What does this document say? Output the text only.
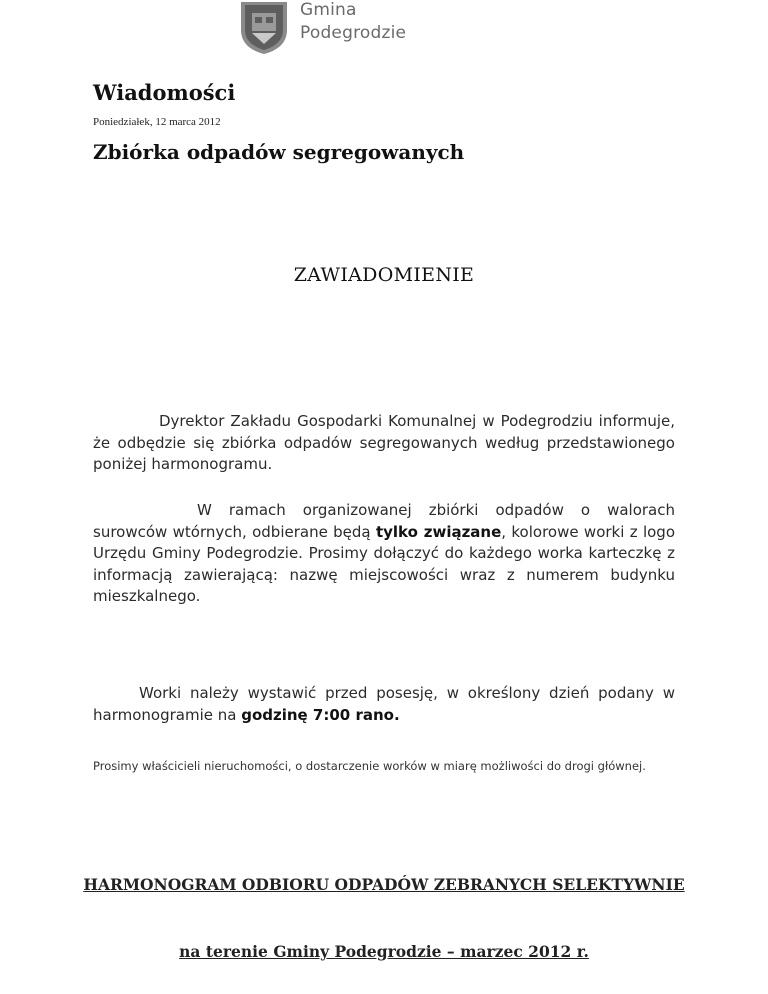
Gmina
Podegrodzie
Wiadomości
Poniedziałek, 12 marca 2012
Zbiórka odpadów segregowanych
ZAWIADOMIENIE
Dyrektor Zakładu Gospodarki Komunalnej w Podegrodziu informuje, że odbędzie się zbiórka odpadów segregowanych według przedstawionego poniżej harmonogramu.
W ramach organizowanej zbiórki odpadów o walorach surowców wtórnych, odbierane będą tylko związane, kolorowe worki z logo Urzędu Gminy Podegrodzie. Prosimy dołączyć do każdego worka karteczkę z informacją zawierającą: nazwę miejscowości wraz z numerem budynku mieszkalnego.
Worki należy wystawić przed posesję, w określony dzień podany w harmonogramie na godzinę 7:00 rano.
Prosimy właścicieli nieruchomości, o dostarczenie worków w miarę możliwości do drogi głównej.
HARMONOGRAM ODBIORU ODPADÓW ZEBRANYCH SELEKTYWNIE
na terenie Gminy Podegrodzie – marzec 2012 r.
